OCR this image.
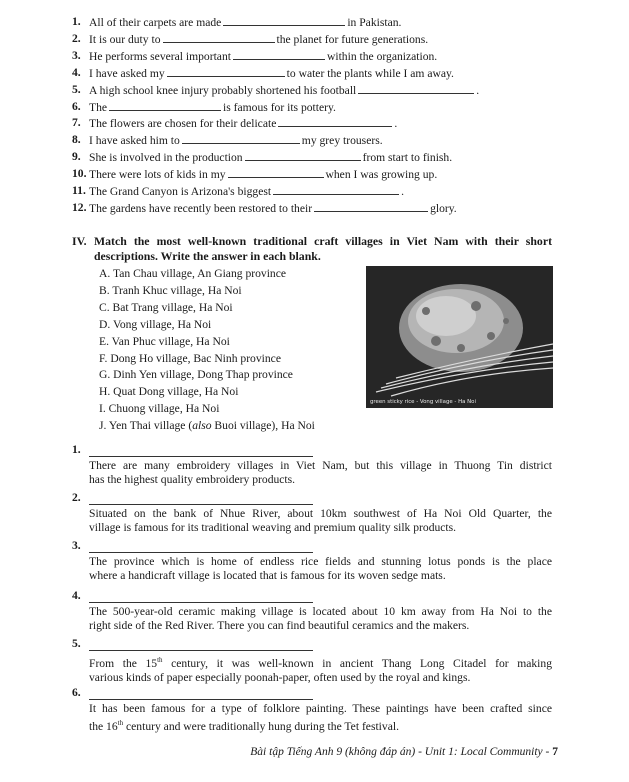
1. All of their carpets are made	in Pakistan.
2. It is our duty to	the planet for future generations.
3. He performs several important	within the organization.
4. I have asked my	to water the plants while I am away.
5. A high school knee injury probably shortened his football	.
6. The	is famous for its pottery.
7. The flowers are chosen for their delicate	.
8. I have asked him to	my grey trousers.
9. She is involved in the production	from start to finish.
10. There were lots of kids in my	when I was growing up.
11. The Grand Canyon is Arizona's biggest	.
12. The gardens have recently been restored to their	glory.
IV. Match the most well-known traditional craft villages in Viet Nam with their short descriptions. Write the answer in each blank.
A. Tan Chau village, An Giang province
B. Tranh Khuc village, Ha Noi
C. Bat Trang village, Ha Noi
D. Vong village, Ha Noi
E. Van Phuc village, Ha Noi
F. Dong Ho village, Bac Ninh province
G. Dinh Yen village, Dong Thap province
H. Quat Dong village, Ha Noi
I. Chuong village, Ha Noi
J. Yen Thai village (also Buoi village), Ha Noi
green sticky rice - Vong village - Ha Noi
1.
There are many embroidery villages in Viet Nam, but this village in Thuong Tin district
has the highest quality embroidery products.
2.
Situated on the bank of Nhue River, about 10km southwest of Ha Noi Old Quarter, the
village is famous for its traditional weaving and premium quality silk products.
3.
The province which is home of endless rice fields and stunning lotus ponds is the place
where a handicraft village is located that is famous for its woven sedge mats.
4.
The 500-year-old ceramic making village is located about 10 km away from Ha Noi to the
right side of the Red River. There you can find beautiful ceramics and the makers.
5.
From the 15th century, it was well-known in ancient Thang Long Citadel for making
various kinds of paper especially poonah-paper, often used by the royal and kings.
6.
It has been famous for a type of folklore painting. These paintings have been crafted since
the 16th century and were traditionally hung during the Tet festival.
Bài tập Tiếng Anh 9 (không đáp án) - Unit 1: Local Community - 7
